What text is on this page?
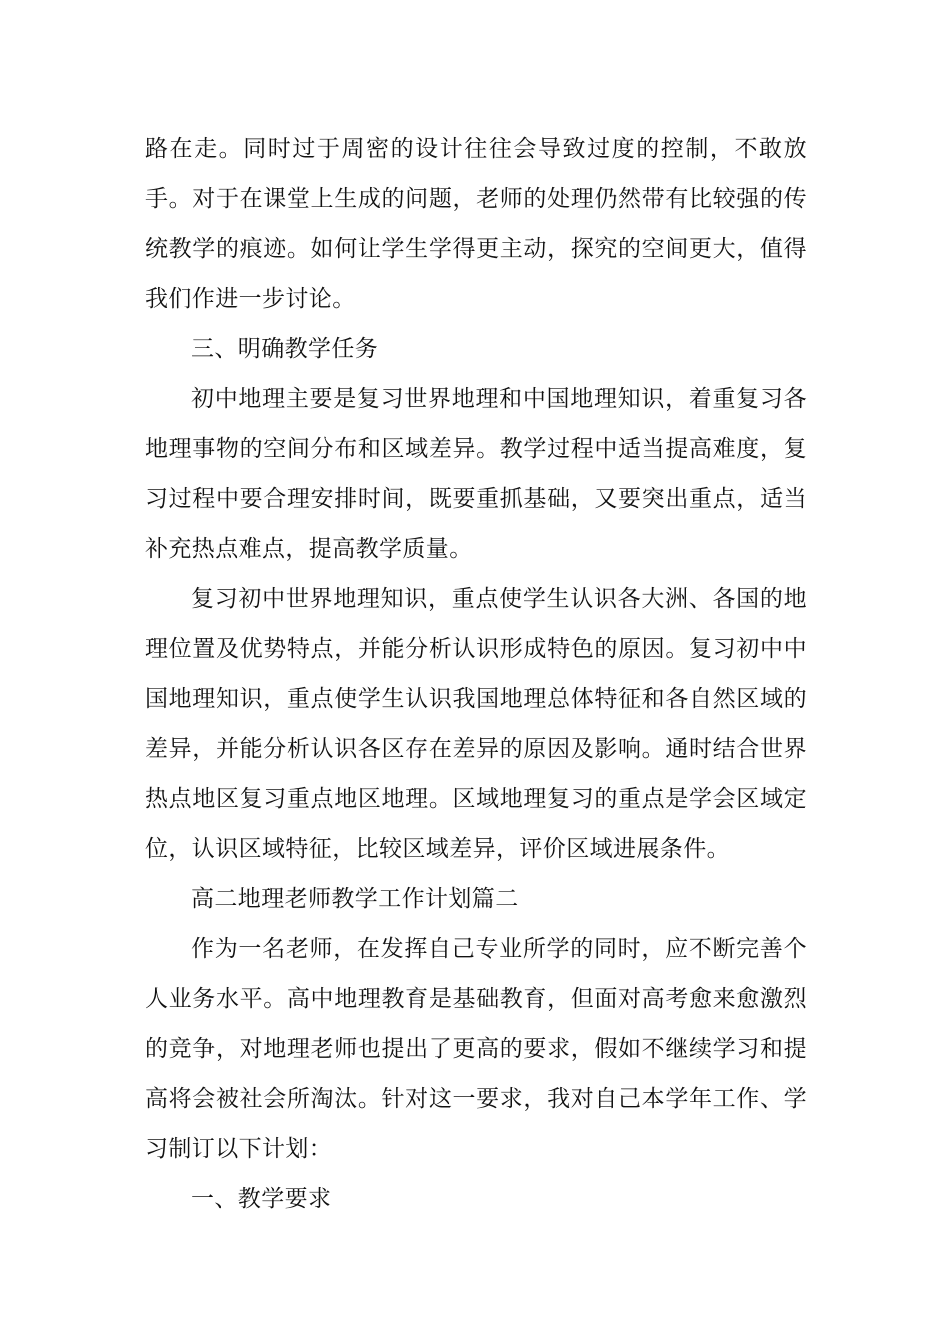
路在走。同时过于周密的设计往往会导致过度的控制，不敢放手。对于在课堂上生成的问题，老师的处理仍然带有比较强的传统教学的痕迹。如何让学生学得更主动，探究的空间更大，值得我们作进一步讨论。

三、明确教学任务

初中地理主要是复习世界地理和中国地理知识，着重复习各地理事物的空间分布和区域差异。教学过程中适当提高难度，复习过程中要合理安排时间，既要重抓基础，又要突出重点，适当补充热点难点，提高教学质量。

复习初中世界地理知识，重点使学生认识各大洲、各国的地理位置及优势特点，并能分析认识形成特色的原因。复习初中中国地理知识，重点使学生认识我国地理总体特征和各自然区域的差异，并能分析认识各区存在差异的原因及影响。通时结合世界热点地区复习重点地区地理。区域地理复习的重点是学会区域定位，认识区域特征，比较区域差异，评价区域进展条件。

高二地理老师教学工作计划篇二

作为一名老师，在发挥自己专业所学的同时，应不断完善个人业务水平。高中地理教育是基础教育，但面对高考愈来愈激烈的竞争，对地理老师也提出了更高的要求，假如不继续学习和提高将会被社会所淘汰。针对这一要求，我对自己本学年工作、学习制订以下计划：

一、教学要求
